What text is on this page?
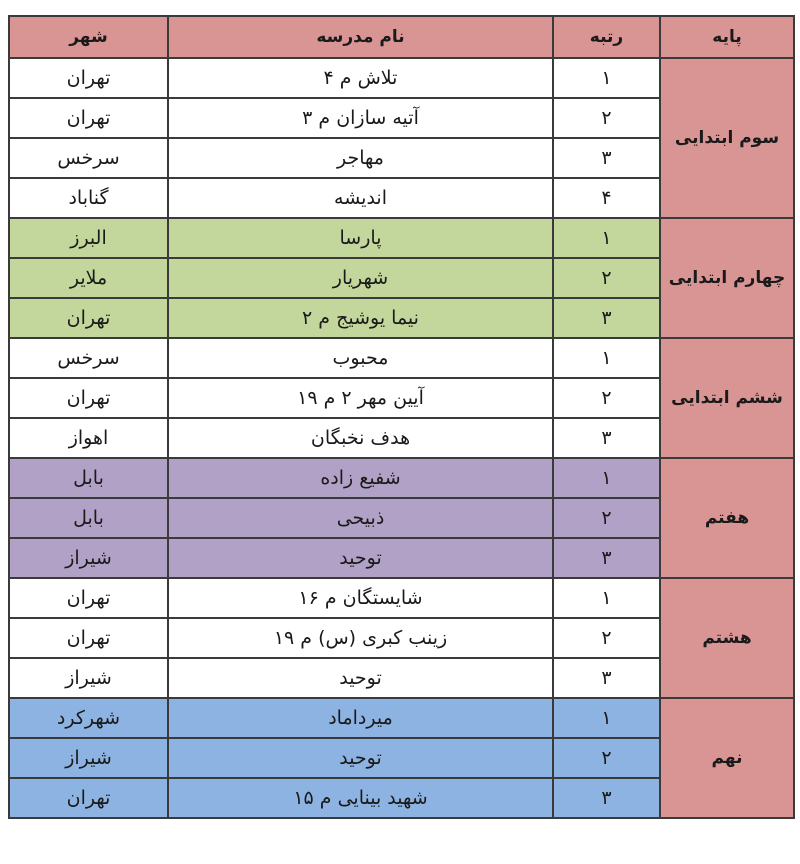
پایه	رتبه	نام مدرسه	شهر
سوم ابتدایی	۱	تلاش م ۴	تهران
	۲	آتیه سازان م ۳	تهران
	۳	مهاجر	سرخس
	۴	اندیشه	گناباد
چهارم ابتدایی	۱	پارسا	البرز
	۲	شهریار	ملایر
	۳	نیما یوشیج م ۲	تهران
ششم ابتدایی	۱	محبوب	سرخس
	۲	آیین مهر ۲ م ۱۹	تهران
	۳	هدف نخبگان	اهواز
هفتم	۱	شفیع زاده	بابل
	۲	ذبیحی	بابل
	۳	توحید	شیراز
هشتم	۱	شایستگان م ۱۶	تهران
	۲	زینب کبری (س) م ۱۹	تهران
	۳	توحید	شیراز
نهم	۱	میرداماد	شهرکرد
	۲	توحید	شیراز
	۳	شهید بینایی م ۱۵	تهران
